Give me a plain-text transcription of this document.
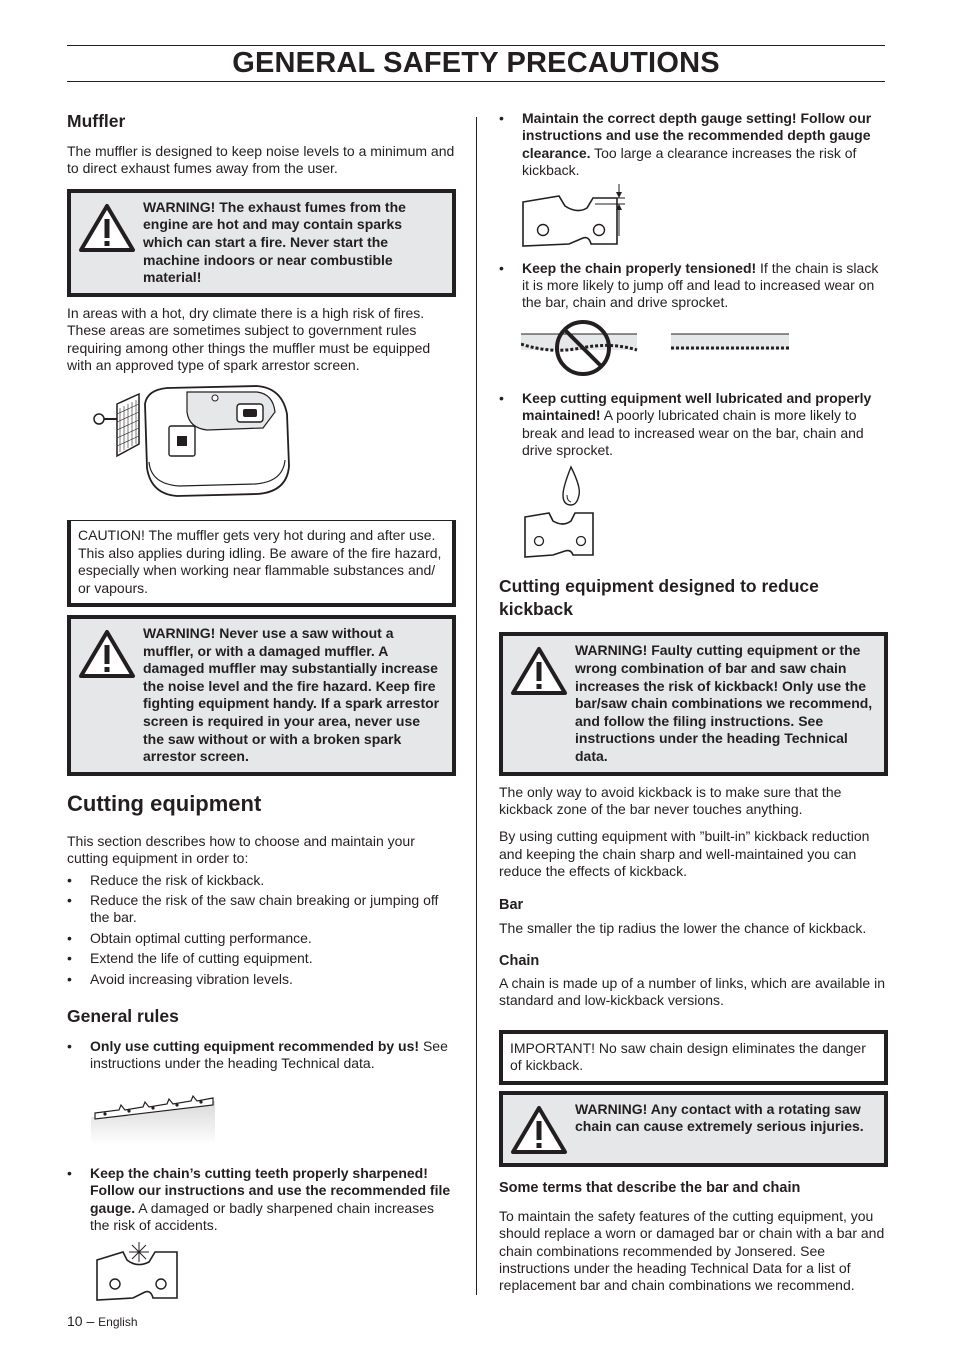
GENERAL SAFETY PRECAUTIONS
Muffler

The muffler is designed to keep noise levels to a minimum and to direct exhaust fumes away from the user.

WARNING! The exhaust fumes from the engine are hot and may contain sparks which can start a fire. Never start the machine indoors or near combustible material!

In areas with a hot, dry climate there is a high risk of fires. These areas are sometimes subject to government rules requiring among other things the muffler must be equipped with an approved type of spark arrestor screen.

CAUTION! The muffler gets very hot during and after use. This also applies during idling. Be aware of the fire hazard, especially when working near flammable substances and/ or vapours.
WARNING! Never use a saw without a muffler, or with a damaged muffler. A damaged muffler may substantially increase the noise level and the fire hazard. Keep fire fighting equipment handy. If a spark arrestor screen is required in your area, never use the saw without or with a broken spark arrestor screen.
Cutting equipment

This section describes how to choose and maintain your cutting equipment in order to:

• Reduce the risk of kickback.
• Reduce the risk of the saw chain breaking or jumping off the bar.
• Obtain optimal cutting performance.
• Extend the life of cutting equipment.
• Avoid increasing vibration levels.
General rules
• Only use cutting equipment recommended by us! See instructions under the heading Technical data.
• Keep the chain’s cutting teeth properly sharpened! Follow our instructions and use the recommended file gauge. A damaged or badly sharpened chain increases the risk of accidents.
• Maintain the correct depth gauge setting! Follow our instructions and use the recommended depth gauge clearance. Too large a clearance increases the risk of kickback.
• Keep the chain properly tensioned! If the chain is slack it is more likely to jump off and lead to increased wear on the bar, chain and drive sprocket.
• Keep cutting equipment well lubricated and properly maintained! A poorly lubricated chain is more likely to break and lead to increased wear on the bar, chain and drive sprocket.
Cutting equipment designed to reduce kickback
WARNING! Faulty cutting equipment or the wrong combination of bar and saw chain increases the risk of kickback! Only use the bar/saw chain combinations we recommend, and follow the filing instructions. See instructions under the heading Technical data.

The only way to avoid kickback is to make sure that the kickback zone of the bar never touches anything.

By using cutting equipment with ”built-in” kickback reduction and keeping the chain sharp and well-maintained you can reduce the effects of kickback.

Bar

The smaller the tip radius the lower the chance of kickback.

Chain

A chain is made up of a number of links, which are available in standard and low-kickback versions.

IMPORTANT! No saw chain design eliminates the danger of kickback.
WARNING! Any contact with a rotating saw chain can cause extremely serious injuries.
Some terms that describe the bar and chain

To maintain the safety features of the cutting equipment, you should replace a worn or damaged bar or chain with a bar and chain combinations recommended by Jonsered. See instructions under the heading Technical Data for a list of replacement bar and chain combinations we recommend.

10 – English
